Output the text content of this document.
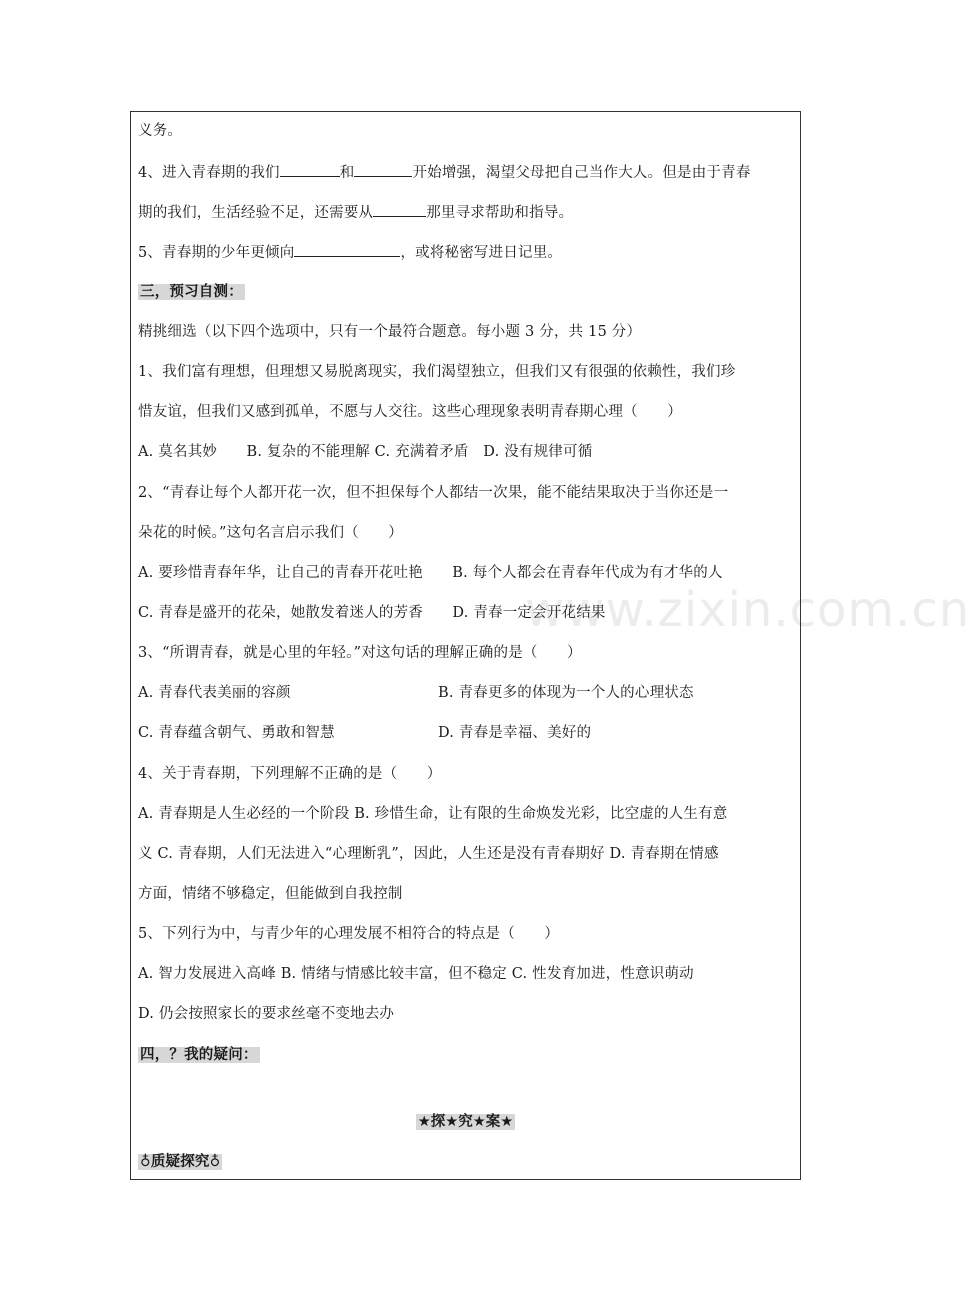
www.zixin.com.cn
义务。
4、进入青春期的我们	和	开始增强，渴望父母把自己当作大人。但是由于青春
期的我们，生活经验不足，还需要从	那里寻求帮助和指导。
5、青春期的少年更倾向	，或将秘密写进日记里。
三，预习自测：
精挑细选（以下四个选项中，只有一个最符合题意。每小题 3 分，共 15 分）
1、我们富有理想，但理想又易脱离现实，我们渴望独立，但我们又有很强的依赖性，我们珍
惜友谊，但我们又感到孤单，不愿与人交往。这些心理现象表明青春期心理（　　）
A. 莫名其妙　　B. 复杂的不能理解 C. 充满着矛盾　D. 没有规律可循
2、“青春让每个人都开花一次，但不担保每个人都结一次果，能不能结果取决于当你还是一
朵花的时候。”这句名言启示我们（　　）
A. 要珍惜青春年华，让自己的青春开花吐艳　　B. 每个人都会在青春年代成为有才华的人
C. 青春是盛开的花朵，她散发着迷人的芳香　　D. 青春一定会开花结果
3、“所谓青春，就是心里的年轻。”对这句话的理解正确的是（　　）
A. 青春代表美丽的容颜	B. 青春更多的体现为一个人的心理状态
C. 青春蕴含朝气、勇敢和智慧	D. 青春是幸福、美好的
4、关于青春期，下列理解不正确的是（　　）
A. 青春期是人生必经的一个阶段 B. 珍惜生命，让有限的生命焕发光彩，比空虚的人生有意
义 C. 青春期，人们无法进入“心理断乳”，因此，人生还是没有青春期好 D. 青春期在情感
方面，情绪不够稳定，但能做到自我控制
5、下列行为中，与青少年的心理发展不相符合的特点是（　　）
A. 智力发展进入高峰 B. 情绪与情感比较丰富，但不稳定 C. 性发育加进，性意识萌动
D. 仍会按照家长的要求丝毫不变地去办
四，？我的疑问：
★探★究★案★
♁质疑探究♁
